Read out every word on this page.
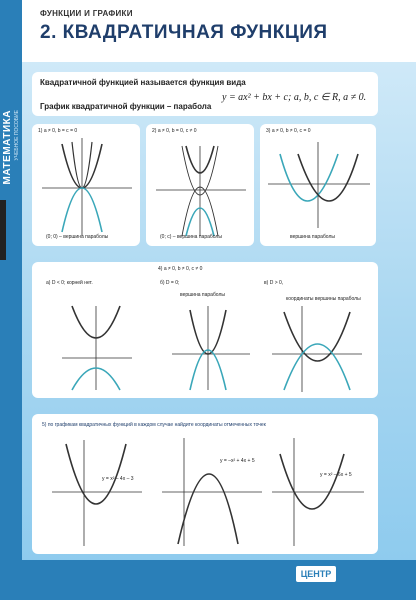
МАТЕМАТИКА УЧЕБНОЕ ПОСОБИЕ
ФУНКЦИИ И ГРАФИКИ
2. КВАДРАТИЧНАЯ ФУНКЦИЯ
Квадратичной функцией называется функция вида
y = ax² + bx + c; a, b, c ∈ R, a ≠ 0.
График квадратичной функции – парабола
1) a ≠ 0, b = c = 0
(0; 0) – вершина параболы
2) a ≠ 0, b = 0, c ≠ 0
(0; c) – вершина параболы
3) a ≠ 0, b ≠ 0, c = 0
вершина параболы
4) a ≠ 0, b ≠ 0, c ≠ 0
a) D < 0; корней нет.	б) D = 0;
вершина параболы
в) D > 0,
координаты вершины параболы
5) по графикам квадратичных функций в каждом случае найдите координаты отмеченных точек
y = x² – 4x – 3
y = –x² + 4x + 5
y = x² – 6x + 5
ЦЕНТР
